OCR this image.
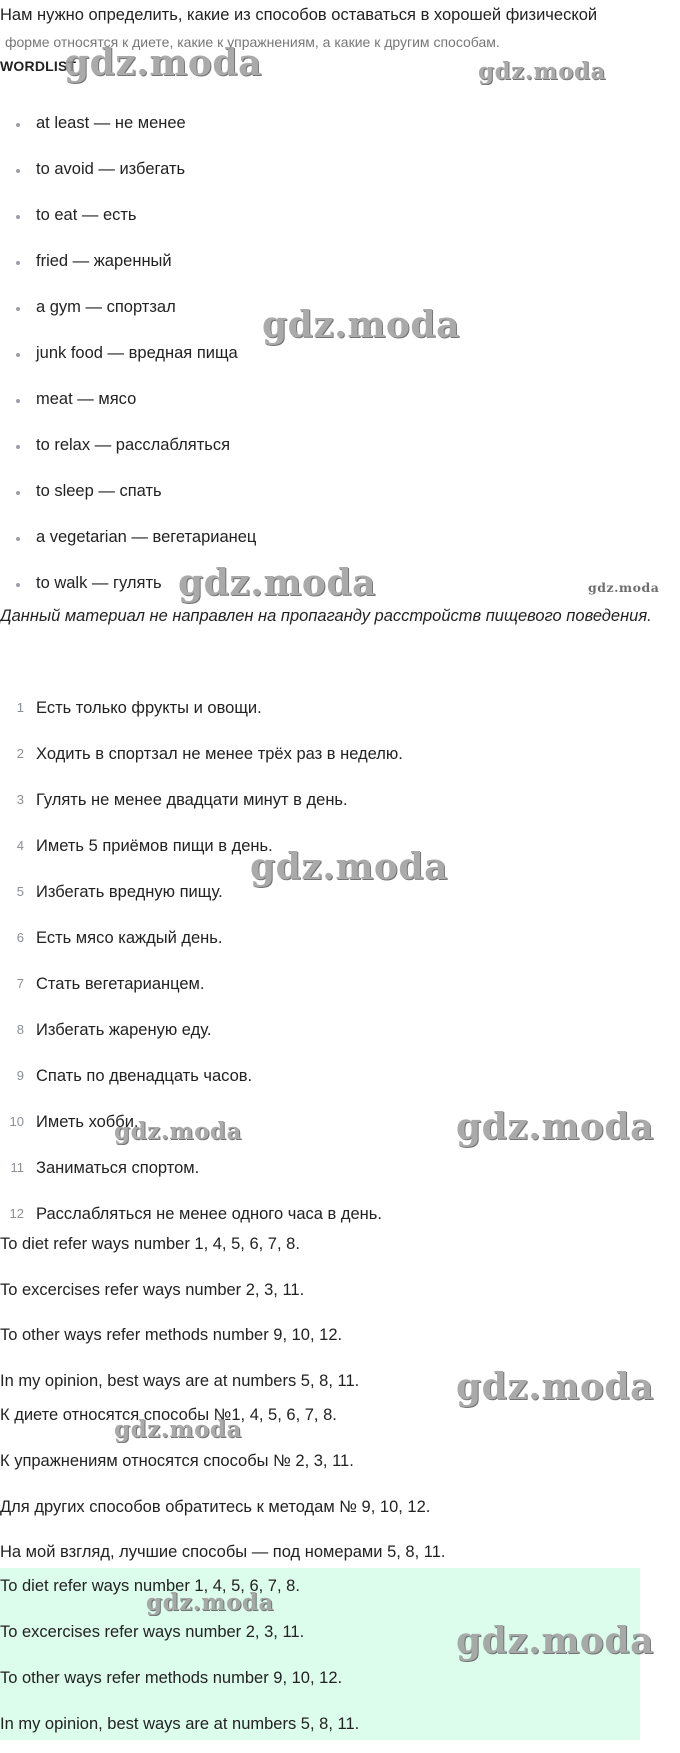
Нам нужно определить, какие из способов оставаться в хорошей физической
форме относятся к диете, какие к упражнениям, а какие к другим способам.
WORDLIST
at least — не менее
to avoid — избегать
to eat — есть
fried — жаренный
a gym — спортзал
junk food — вредная пища
meat — мясо
to relax — расслабляться
to sleep — спать
a vegetarian — вегетарианец
to walk — гулять
Данный материал не направлен на пропаганду расстройств пищевого поведения.
1 Есть только фрукты и овощи.
2 Ходить в спортзал не менее трёх раз в неделю.
3 Гулять не менее двадцати минут в день.
4 Иметь 5 приёмов пищи в день.
5 Избегать вредную пищу.
6 Есть мясо каждый день.
7 Стать вегетарианцем.
8 Избегать жареную еду.
9 Спать по двенадцать часов.
10 Иметь хобби.
11 Заниматься спортом.
12 Расслабляться не менее одного часа в день.
To diet refer ways number 1, 4, 5, 6, 7, 8.
To excercises refer ways number 2, 3, 11.
To other ways refer methods number 9, 10, 12.
In my opinion, best ways are at numbers 5, 8, 11.
К диете относятся способы №1, 4, 5, 6, 7, 8.
К упражнениям относятся способы № 2, 3, 11.
Для других способов обратитесь к методам № 9, 10, 12.
На мой взгляд, лучшие способы — под номерами 5, 8, 11.
To diet refer ways number 1, 4, 5, 6, 7, 8.
To excercises refer ways number 2, 3, 11.
To other ways refer methods number 9, 10, 12.
In my opinion, best ways are at numbers 5, 8, 11.
gdz.moda	gdz.moda
gdz.moda
gdz.moda	gdz.moda
gdz.moda
gdz.moda
gdz.moda
gdz.moda
gdz.moda
gdz.moda
gdz.moda
